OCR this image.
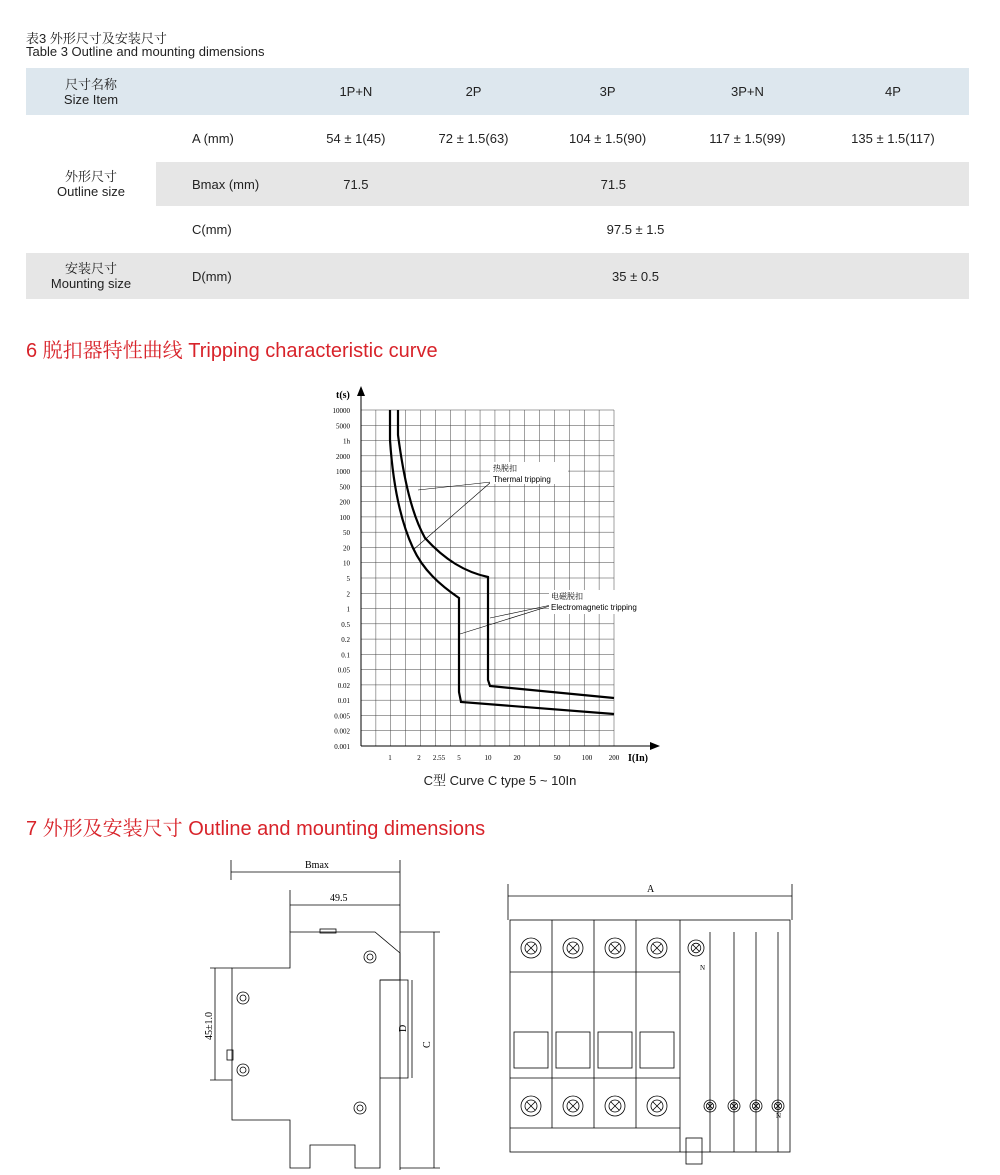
表3 外形尺寸及安装尺寸
Table 3 Outline and mounting dimensions
尺寸名称
Size Item		1P+N	2P	3P	3P+N	4P

外形尺寸
Outline size	A (mm)	54 ± 1(45)	72 ± 1.5(63)	104 ± 1.5(90)	117 ± 1.5(99)	135 ± 1.5(117)
	Bmax (mm)	71.5	71.5			
	C(mm)	97.5 ± 1.5				

安装尺寸
Mounting size	D(mm)	35 ± 0.5				
6 脱扣器特性曲线 Tripping characteristic curve
10000
5000
1h
2000
1000
500
200
100
50
20
10
5
2
1
0.5
0.2
0.1
0.05
0.02
0.01
0.005
0.002
0.001
1	2 2.55 5	10	20	50	100 200
t(s)
I(In)
热脱扣
Thermal tripping
电磁脱扣
Electromagnetic tripping
C型 Curve C type 5 ~ 10In
7 外形及安装尺寸 Outline and mounting dimensions
Bmax
49.5
45±1.0	D
C
A
N
N
